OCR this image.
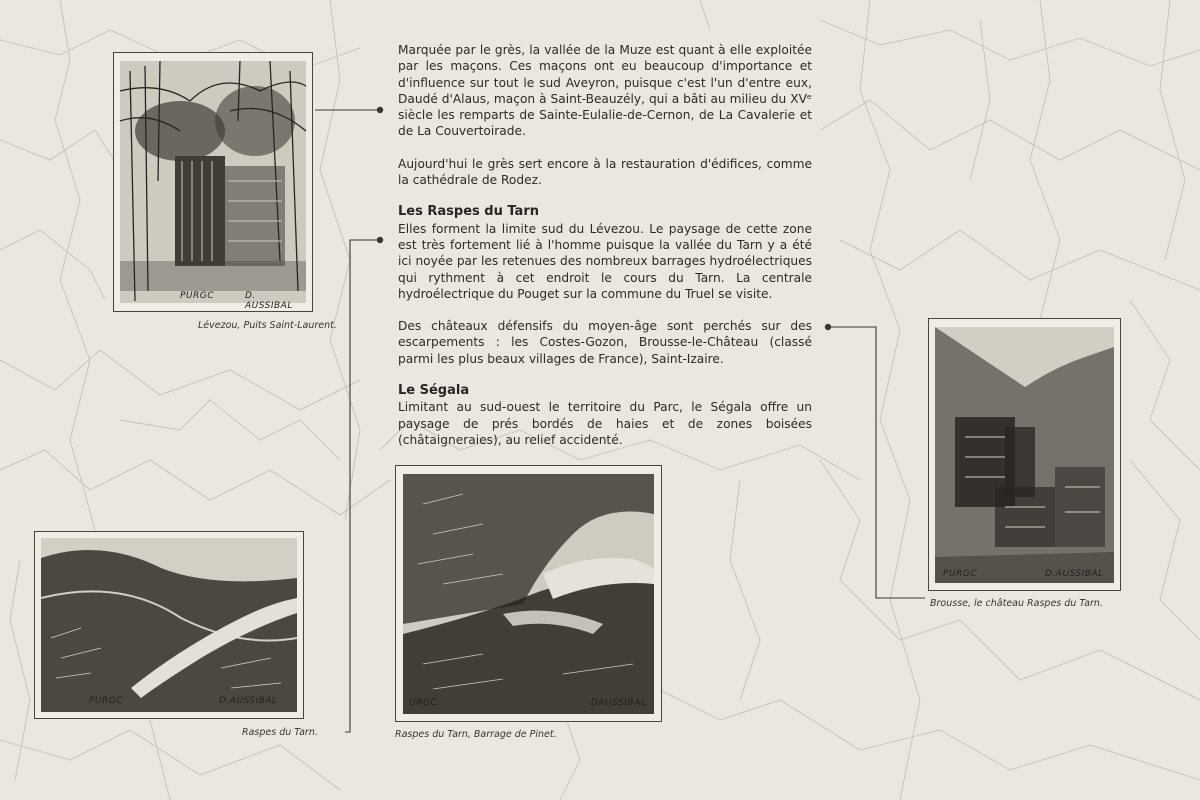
Marquée par le grès, la vallée de la Muze est quant à elle exploitée par les maçons. Ces maçons ont eu beaucoup d'importance et d'influence sur tout le sud Aveyron, puisque c'est l'un d'entre eux, Daudé d'Alaus, maçon à Saint-Beauzély, qui a bâti au milieu du XVᵉ siècle les remparts de Sainte-Eulalie-de-Cernon, de La Cavalerie et de La Couvertoirade.

Aujourd'hui le grès sert encore à la restauration d'édifices, comme la cathédrale de Rodez.

Les Raspes du Tarn

Elles forment la limite sud du Lévezou. Le paysage de cette zone est très fortement lié à l'homme puisque la vallée du Tarn y a été ici noyée par les retenues des nombreux barrages hydroélectriques qui rythment à cet endroit le cours du Tarn. La centrale hydroélectrique du Pouget sur la commune du Truel se visite.

Des châteaux défensifs du moyen-âge sont perchés sur des escarpements : les Costes-Gozon, Brousse-le-Château (classé parmi les plus beaux villages de France), Saint-Izaire.

Le Ségala

Limitant au sud-ouest le territoire du Parc, le Ségala offre un paysage de prés bordés de haies et de zones boisées (châtaigneraies), au relief accidenté.

PURGC	D. AUSSIBAL
Lévezou, Puits Saint-Laurent.
PURGC	D.AUSSIBAL
Raspes du Tarn.
URGC	DAUSSIBAL
Raspes du Tarn, Barrage de Pinet.
PURGC	D.AUSSIBAL
Brousse, le château Raspes du Tarn.
